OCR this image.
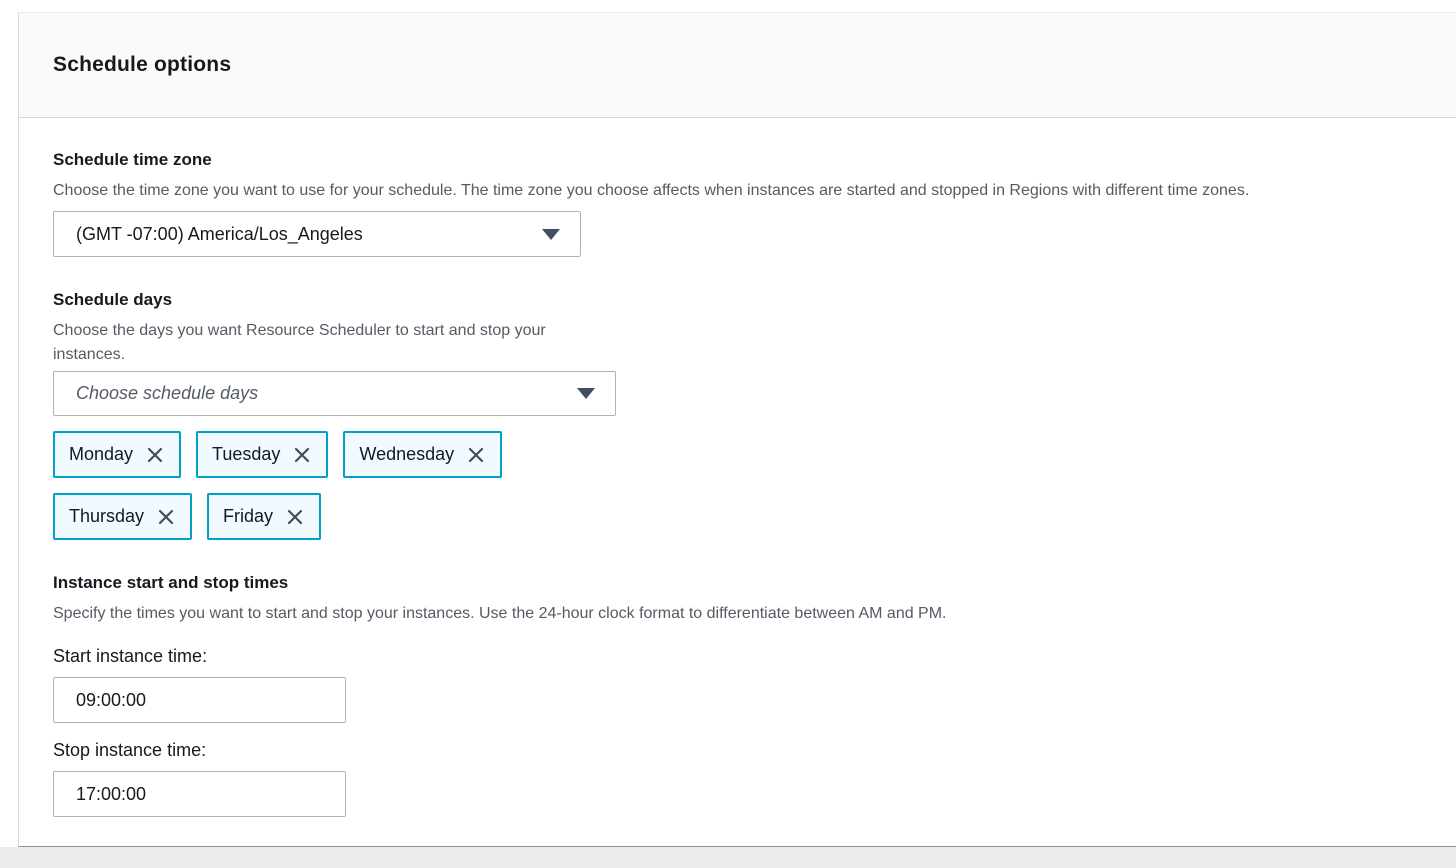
Schedule options
Schedule time zone
Choose the time zone you want to use for your schedule. The time zone you choose affects when instances are started and stopped in Regions with different time zones.
(GMT -07:00) America/Los_Angeles
Schedule days
Choose the days you want Resource Scheduler to start and stop your instances.
Choose schedule days
Monday	Tuesday	Wednesday
Thursday	Friday
Instance start and stop times
Specify the times you want to start and stop your instances. Use the 24-hour clock format to differentiate between AM and PM.
Start instance time:
09:00:00
Stop instance time:
17:00:00
